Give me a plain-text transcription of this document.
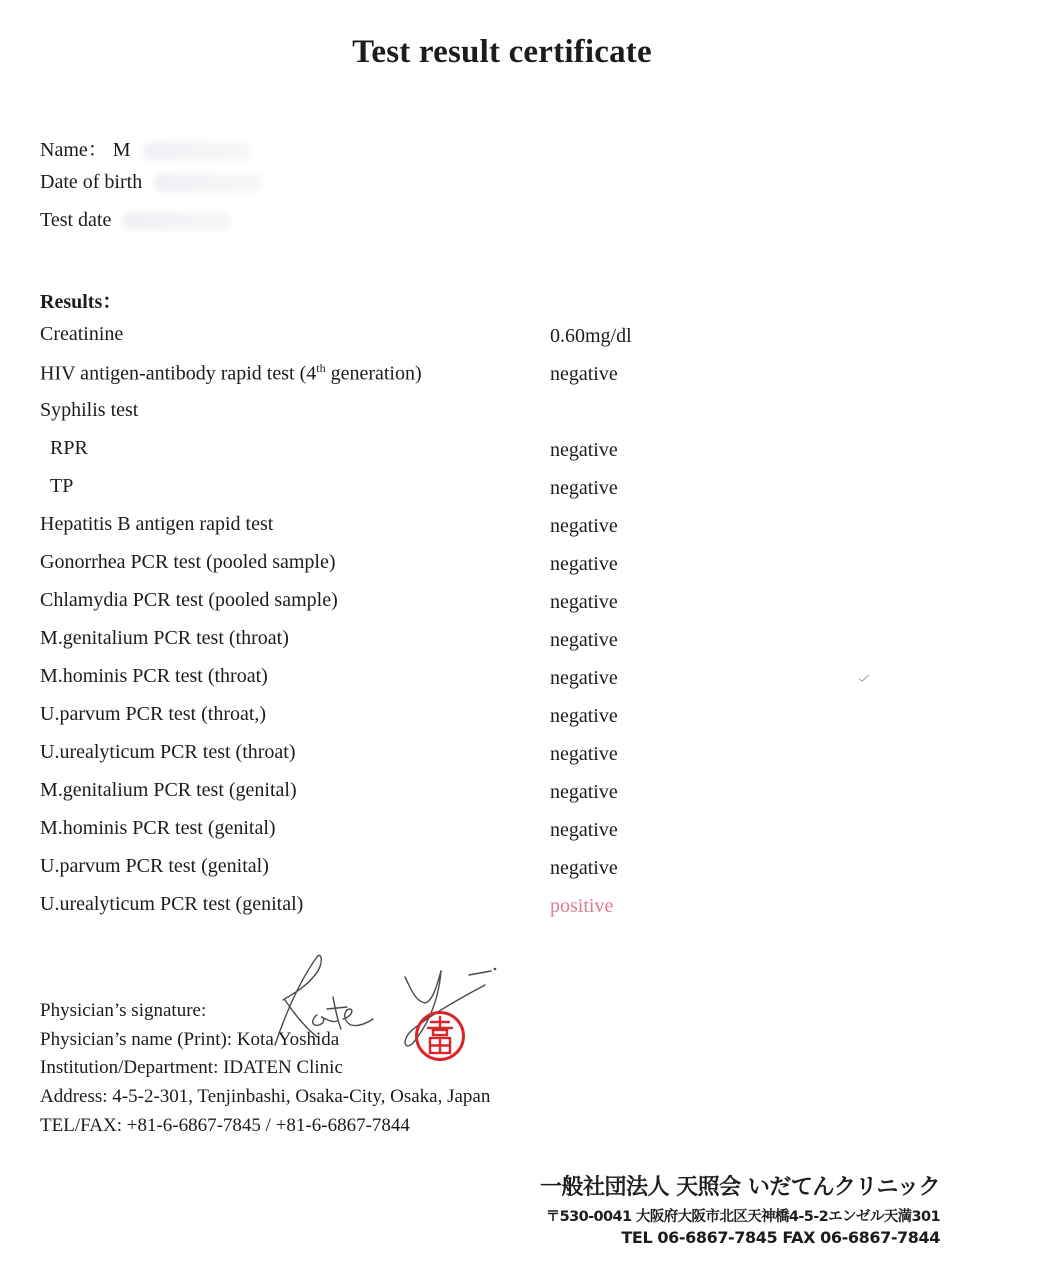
Test result certificate
Name： M
Date of birth
Test date
Results：
Creatinine	0.60mg/dl
HIV antigen-antibody rapid test (4th generation)	negative
Syphilis test
RPR	negative
TP	negative
Hepatitis B antigen rapid test	negative
Gonorrhea PCR test (pooled sample)	negative
Chlamydia PCR test (pooled sample)	negative
M.genitalium PCR test (throat)	negative
M.hominis PCR test (throat)	negative
U.parvum PCR test (throat,)	negative
U.urealyticum PCR test (throat)	negative
M.genitalium PCR test (genital)	negative
M.hominis PCR test (genital)	negative
U.parvum PCR test (genital)	negative
U.urealyticum PCR test (genital)	positive
Physician’s signature:
Physician’s name (Print): Kota Yoshida
Institution/Department: IDATEN Clinic
Address: 4-5-2-301, Tenjinbashi, Osaka-City, Osaka, Japan
TEL/FAX: +81-6-6867-7845 / +81-6-6867-7844
一般社団法人 天照会 いだてんクリニック
〒530-0041 大阪府大阪市北区天神橋4-5-2エンゼル天満301
TEL 06-6867-7845 FAX 06-6867-7844
